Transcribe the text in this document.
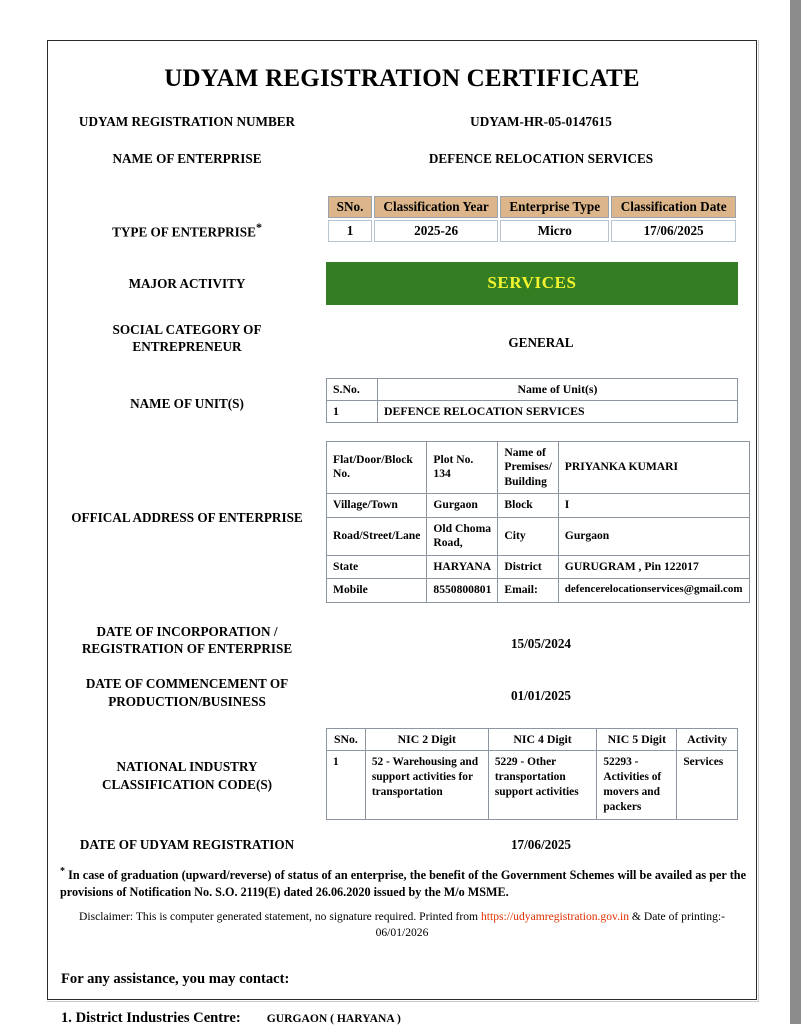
UDYAM REGISTRATION CERTIFICATE
UDYAM REGISTRATION NUMBER	UDYAM-HR-05-0147615
NAME OF ENTERPRISE	DEFENCE RELOCATION SERVICES
TYPE OF ENTERPRISE*
SNo.	Classification Year	Enterprise Type	Classification Date
1	2025-26	Micro	17/06/2025
MAJOR ACTIVITY	SERVICES
SOCIAL CATEGORY OF
ENTREPRENEUR	GENERAL
NAME OF UNIT(S)
S.No.	Name of Unit(s)
1	DEFENCE RELOCATION SERVICES
OFFICAL ADDRESS OF ENTERPRISE
Flat/Door/Block No.	Plot No. 134	Name of Premises/ Building	PRIYANKA KUMARI
Village/Town	Gurgaon	Block	I
Road/Street/Lane	Old Choma Road,	City	Gurgaon
State	HARYANA	District	GURUGRAM , Pin 122017
Mobile	8550800801	Email:	defencerelocationservices@gmail.com
DATE OF INCORPORATION /
REGISTRATION OF ENTERPRISE	15/05/2024
DATE OF COMMENCEMENT OF
PRODUCTION/BUSINESS	01/01/2025
NATIONAL INDUSTRY
CLASSIFICATION CODE(S)
SNo.	NIC 2 Digit	NIC 4 Digit	NIC 5 Digit	Activity
1	52 - Warehousing and support activities for transportation	5229 - Other transportation support activities	52293 - Activities of movers and packers	Services
DATE OF UDYAM REGISTRATION	17/06/2025
* In case of graduation (upward/reverse) of status of an enterprise, the benefit of the Government Schemes will be availed as per the provisions of Notification No. S.O. 2119(E) dated 26.06.2020 issued by the M/o MSME.
Disclaimer: This is computer generated statement, no signature required. Printed from https://udyamregistration.gov.in & Date of printing:-
06/01/2026
For any assistance, you may contact:
1. District Industries Centre:	GURGAON ( HARYANA )
